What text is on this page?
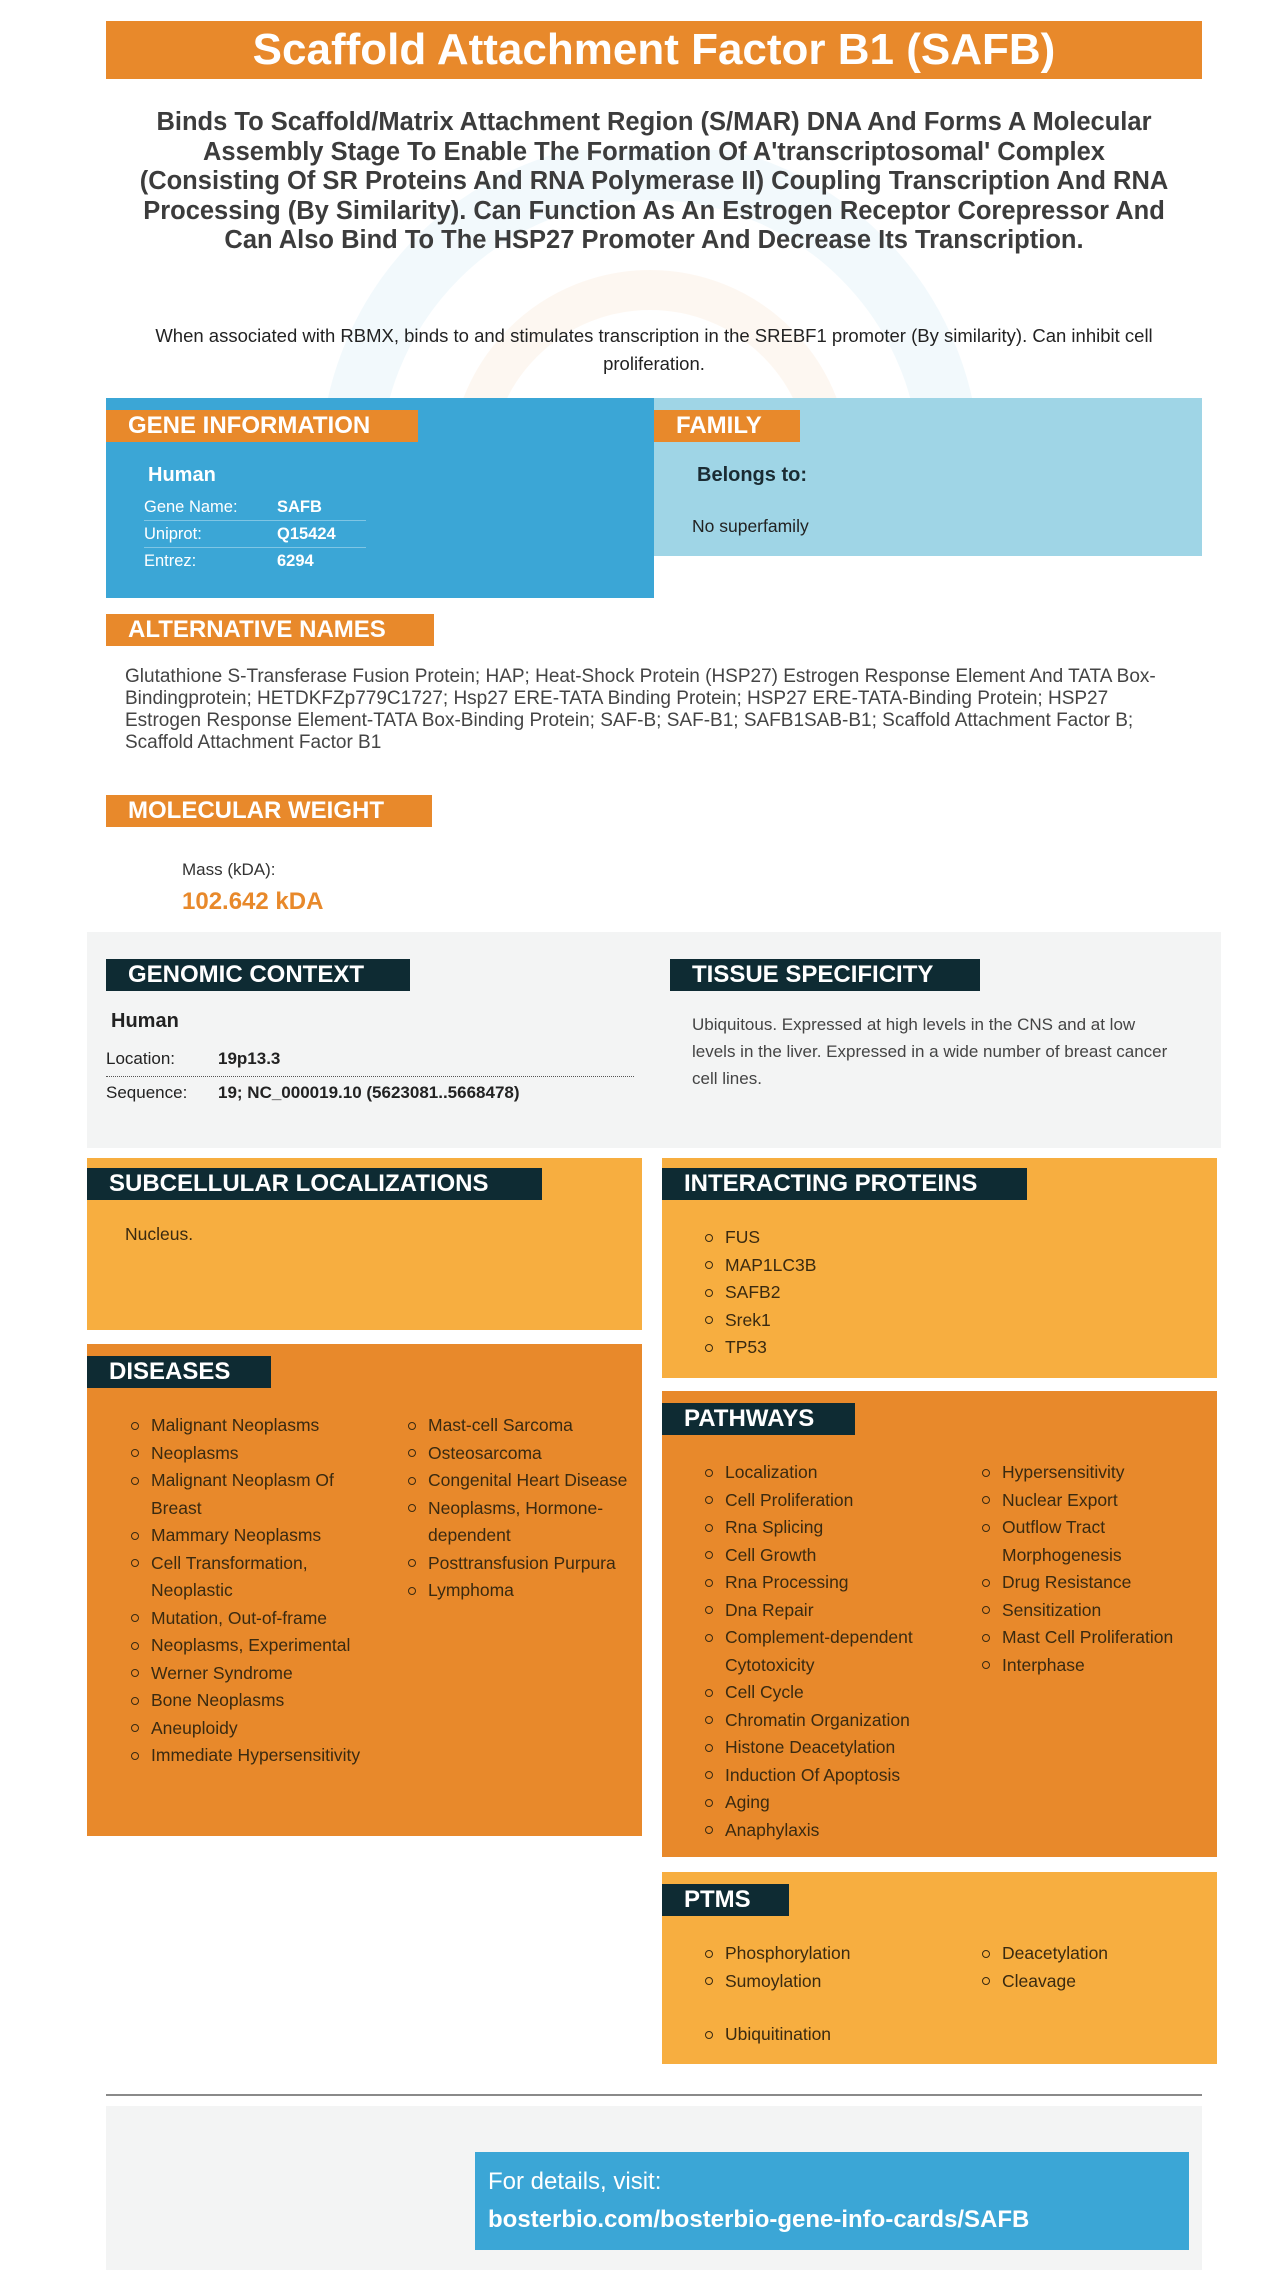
Scaffold Attachment Factor B1 (SAFB)
Binds To Scaffold/Matrix Attachment Region (S/MAR) DNA And Forms A Molecular Assembly Stage To Enable The Formation Of A'transcriptosomal' Complex (Consisting Of SR Proteins And RNA Polymerase II) Coupling Transcription And RNA Processing (By Similarity). Can Function As An Estrogen Receptor Corepressor And Can Also Bind To The HSP27 Promoter And Decrease Its Transcription.
When associated with RBMX, binds to and stimulates transcription in the SREBF1 promoter (By similarity). Can inhibit cell proliferation.
GENE INFORMATION
Human
Gene Name:	SAFB
Uniprot:	Q15424
Entrez:	6294
FAMILY
Belongs to:
No superfamily
ALTERNATIVE NAMES
Glutathione S-Transferase Fusion Protein; HAP; Heat-Shock Protein (HSP27) Estrogen Response Element And TATA Box-Bindingprotein; HETDKFZp779C1727; Hsp27 ERE-TATA Binding Protein; HSP27 ERE-TATA-Binding Protein; HSP27 Estrogen Response Element-TATA Box-Binding Protein; SAF-B; SAF-B1; SAFB1SAB-B1; Scaffold Attachment Factor B; Scaffold Attachment Factor B1
MOLECULAR WEIGHT
Mass (kDA):
102.642 kDA
GENOMIC CONTEXT
Human
Location:	19p13.3
Sequence:	19; NC_000019.10 (5623081..5668478)
TISSUE SPECIFICITY
Ubiquitous. Expressed at high levels in the CNS and at low levels in the liver. Expressed in a wide number of breast cancer cell lines.
SUBCELLULAR LOCALIZATIONS
Nucleus.
DISEASES
Malignant Neoplasms
Neoplasms
Malignant Neoplasm Of Breast
Mammary Neoplasms
Cell Transformation, Neoplastic
Mutation, Out-of-frame
Neoplasms, Experimental
Werner Syndrome
Bone Neoplasms
Aneuploidy
Immediate Hypersensitivity
Mast-cell Sarcoma
Osteosarcoma
Congenital Heart Disease
Neoplasms, Hormone-dependent
Posttransfusion Purpura
Lymphoma
INTERACTING PROTEINS
FUS
MAP1LC3B
SAFB2
Srek1
TP53
PATHWAYS
Localization
Cell Proliferation
Rna Splicing
Cell Growth
Rna Processing
Dna Repair
Complement-dependent Cytotoxicity
Cell Cycle
Chromatin Organization
Histone Deacetylation
Induction Of Apoptosis
Aging
Anaphylaxis
Hypersensitivity
Nuclear Export
Outflow Tract Morphogenesis
Drug Resistance
Sensitization
Mast Cell Proliferation
Interphase
PTMS
Phosphorylation
Sumoylation
Deacetylation
Cleavage
Ubiquitination
For details, visit:
bosterbio.com/bosterbio-gene-info-cards/SAFB
